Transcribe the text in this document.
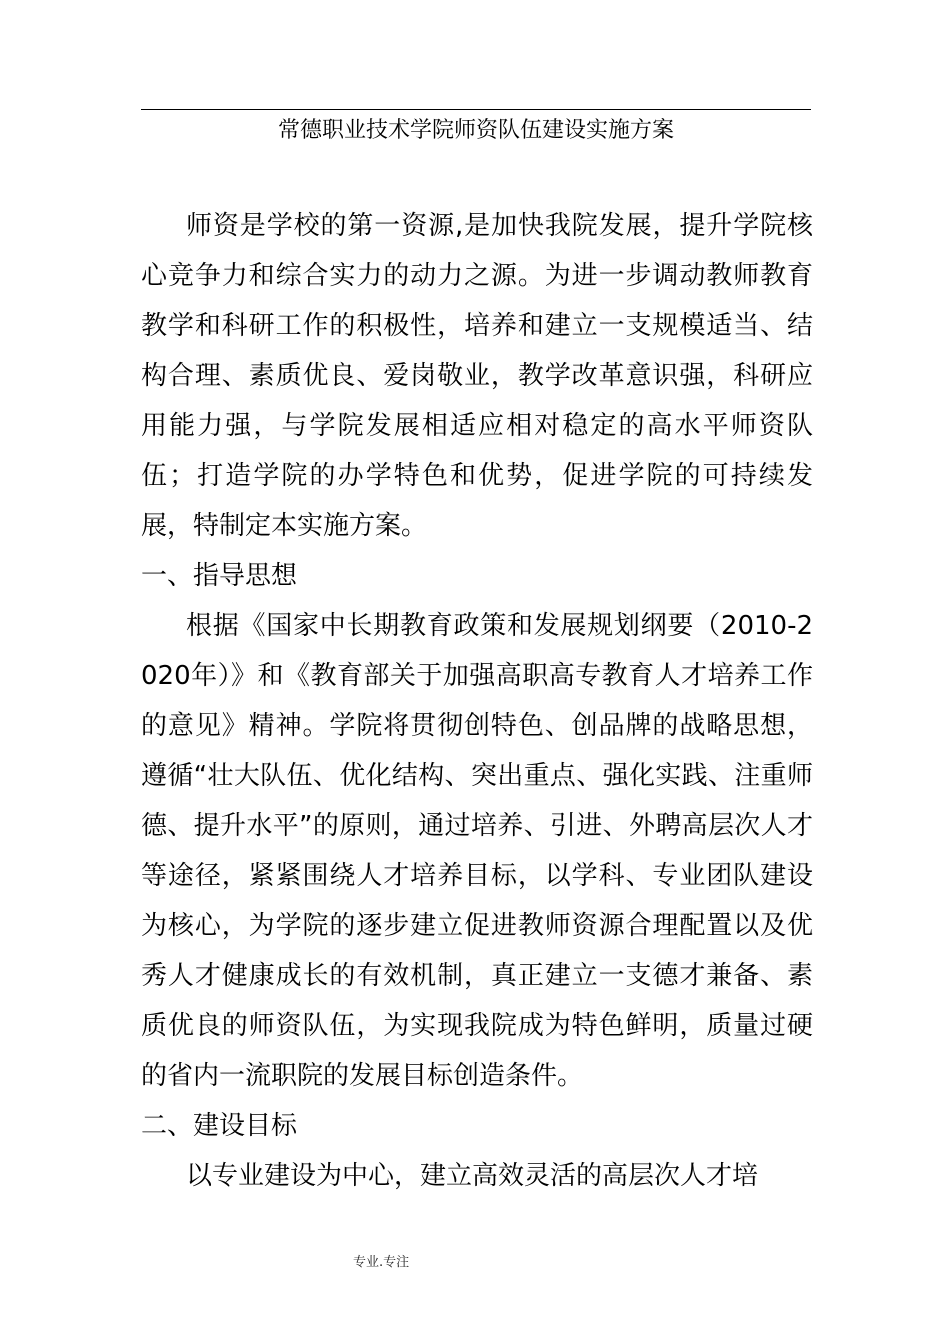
常德职业技术学院师资队伍建设实施方案

师资是学校的第一资源,是加快我院发展，提升学院核心竞争力和综合实力的动力之源。为进一步调动教师教育教学和科研工作的积极性，培养和建立一支规模适当、结构合理、素质优良、爱岗敬业，教学改革意识强，科研应用能力强，与学院发展相适应相对稳定的高水平师资队伍；打造学院的办学特色和优势，促进学院的可持续发展，特制定本实施方案。

一、指导思想

根据《国家中长期教育政策和发展规划纲要（2010-2020年）》和《教育部关于加强高职高专教育人才培养工作的意见》精神。学院将贯彻创特色、创品牌的战略思想，遵循“壮大队伍、优化结构、突出重点、强化实践、注重师德、提升水平”的原则，通过培养、引进、外聘高层次人才等途径，紧紧围绕人才培养目标，以学科、专业团队建设为核心，为学院的逐步建立促进教师资源合理配置以及优秀人才健康成长的有效机制，真正建立一支德才兼备、素质优良的师资队伍，为实现我院成为特色鲜明，质量过硬的省内一流职院的发展目标创造条件。

二、建设目标

以专业建设为中心，建立高效灵活的高层次人才培

专业.专注
